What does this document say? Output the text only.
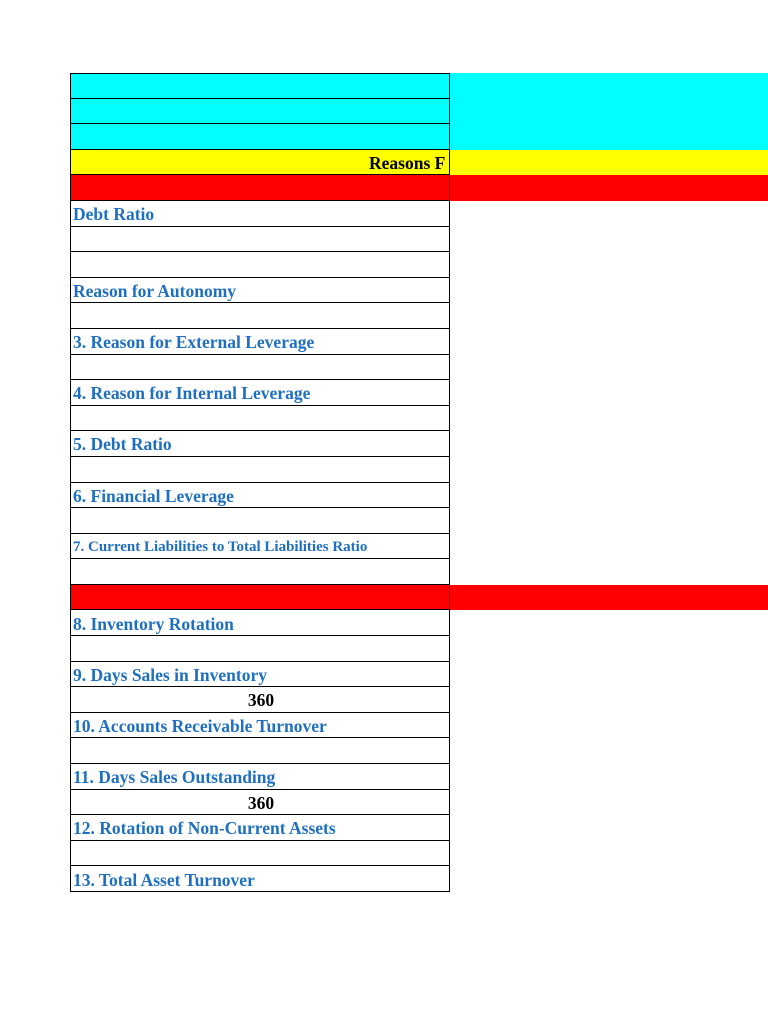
Reasons F
Debt Ratio
Reason for Autonomy
3. Reason for External Leverage
4. Reason for Internal Leverage
5. Debt Ratio
6. Financial Leverage
7. Current Liabilities to Total Liabilities Ratio
8. Inventory Rotation
9. Days Sales in Inventory
360
10. Accounts Receivable Turnover
11. Days Sales Outstanding
360
12. Rotation of Non-Current Assets
13. Total Asset Turnover
